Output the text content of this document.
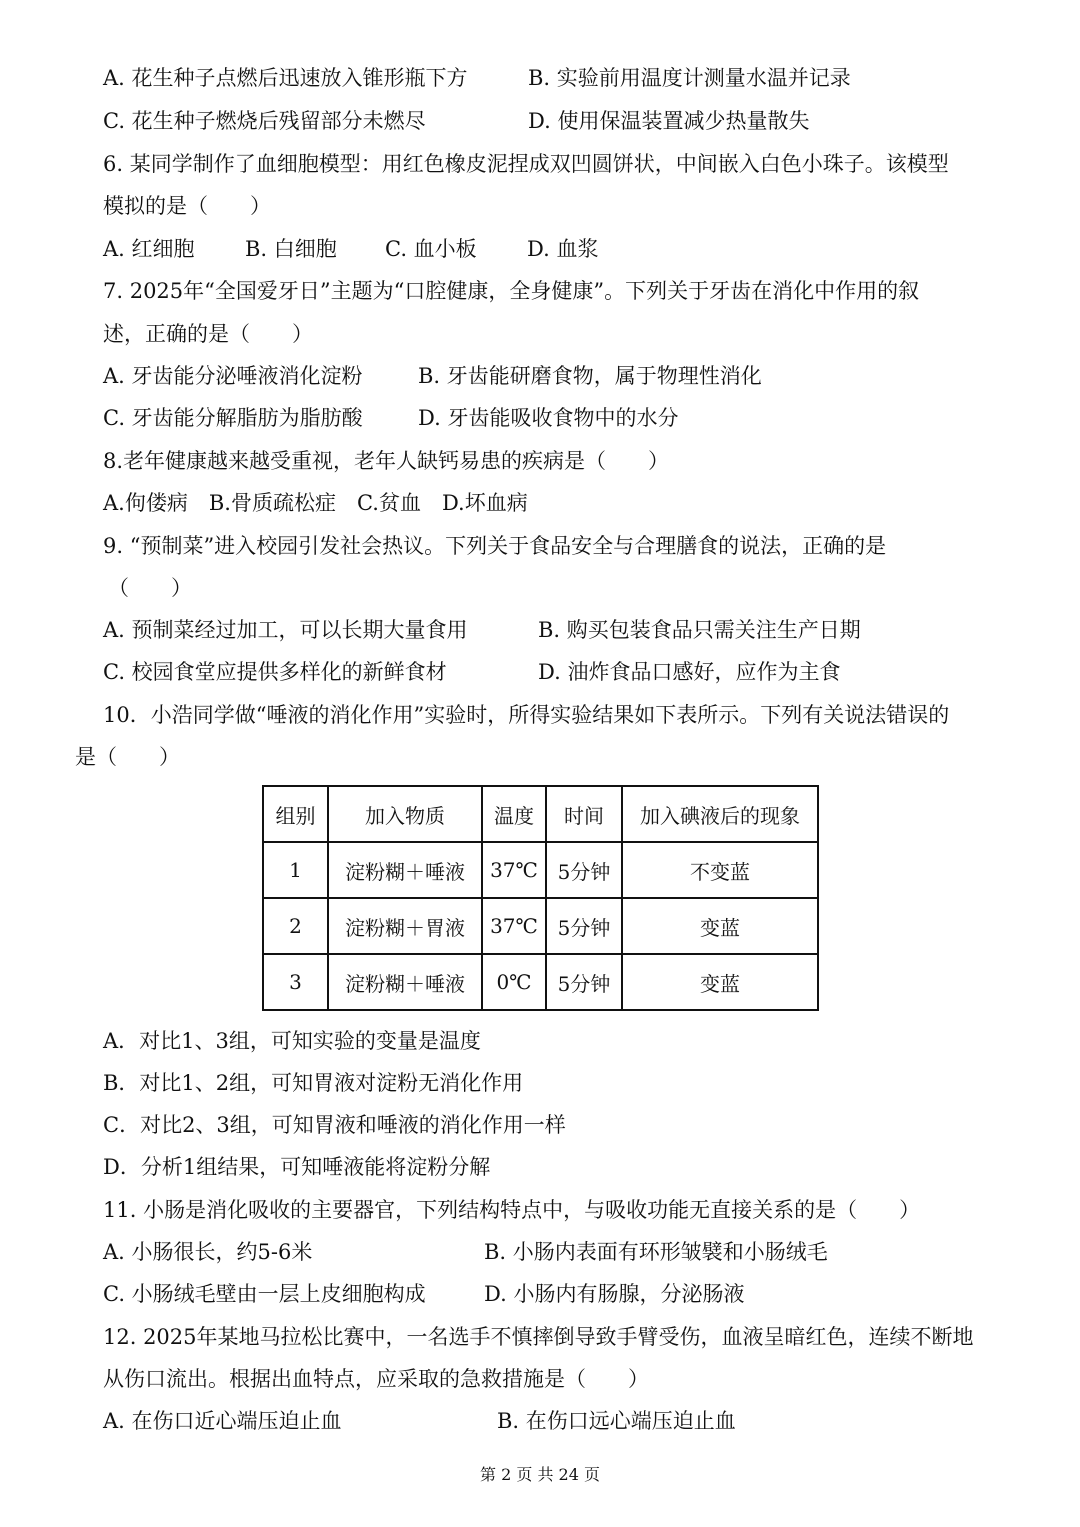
A. 花生种子点燃后迅速放入锥形瓶下方	B. 实验前用温度计测量水温并记录
C. 花生种子燃烧后残留部分未燃尽	D. 使用保温装置减少热量散失
6. 某同学制作了血细胞模型：用红色橡皮泥捏成双凹圆饼状，中间嵌入白色小珠子。该模型
模拟的是（　　）
A. 红细胞 B. 白细胞 C. 血小板 D. 血浆
7. 2025年“全国爱牙日”主题为“口腔健康，全身健康”。下列关于牙齿在消化中作用的叙
述，正确的是（　　）
A. 牙齿能分泌唾液消化淀粉	B. 牙齿能研磨食物，属于物理性消化
C. 牙齿能分解脂肪为脂肪酸	D. 牙齿能吸收食物中的水分
8.老年健康越来越受重视，老年人缺钙易患的疾病是（　　）
A.佝偻病　B.骨质疏松症　C.贫血　D.坏血病
9. “预制菜”进入校园引发社会热议。下列关于食品安全与合理膳食的说法，正确的是
（　　）
A. 预制菜经过加工，可以长期大量食用	B. 购买包装食品只需关注生产日期
C. 校园食堂应提供多样化的新鲜食材	D. 油炸食品口感好，应作为主食
10．小浩同学做“唾液的消化作用”实验时，所得实验结果如下表所示。下列有关说法错误的
是（　　）
组别	加入物质	温度	时间	加入碘液后的现象
1	淀粉糊＋唾液	37℃	5分钟	不变蓝
2	淀粉糊＋胃液	37℃	5分钟	变蓝
3	淀粉糊＋唾液	0℃	5分钟	变蓝
A．对比1、3组，可知实验的变量是温度
B．对比1、2组，可知胃液对淀粉无消化作用
C．对比2、3组，可知胃液和唾液的消化作用一样
D．分析1组结果，可知唾液能将淀粉分解
11. 小肠是消化吸收的主要器官，下列结构特点中，与吸收功能无直接关系的是（　　）
A. 小肠很长，约5-6米	B. 小肠内表面有环形皱襞和小肠绒毛
C. 小肠绒毛壁由一层上皮细胞构成	D. 小肠内有肠腺，分泌肠液
12. 2025年某地马拉松比赛中，一名选手不慎摔倒导致手臂受伤，血液呈暗红色，连续不断地
从伤口流出。根据出血特点，应采取的急救措施是（　　）
A. 在伤口近心端压迫止血	B. 在伤口远心端压迫止血
第 2 页 共 24 页
